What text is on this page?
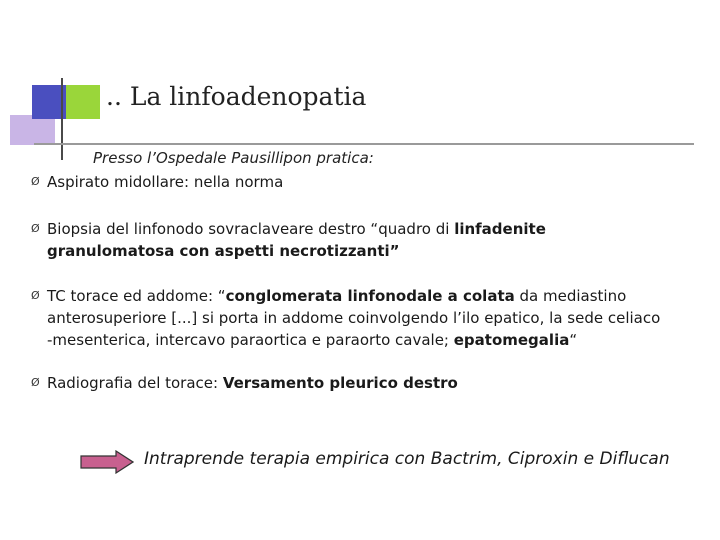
.. La linfoadenopatia
Presso l’Ospedale Pausillipon pratica:
Ø Aspirato midollare: nella norma
Ø Biopsia del linfonodo sovraclaveare destro “quadro di linfadenite
granulomatosa con aspetti necrotizzanti”
Ø TC torace ed addome: “conglomerata linfonodale a colata da mediastino
anterosuperiore [...] si porta in addome coinvolgendo l’ilo epatico, la sede celiaco
-mesenterica, intercavo paraortica e paraorto cavale; epatomegalia“
Ø Radiografia del torace: Versamento pleurico destro
Intraprende terapia empirica con Bactrim, Ciproxin e Diflucan
